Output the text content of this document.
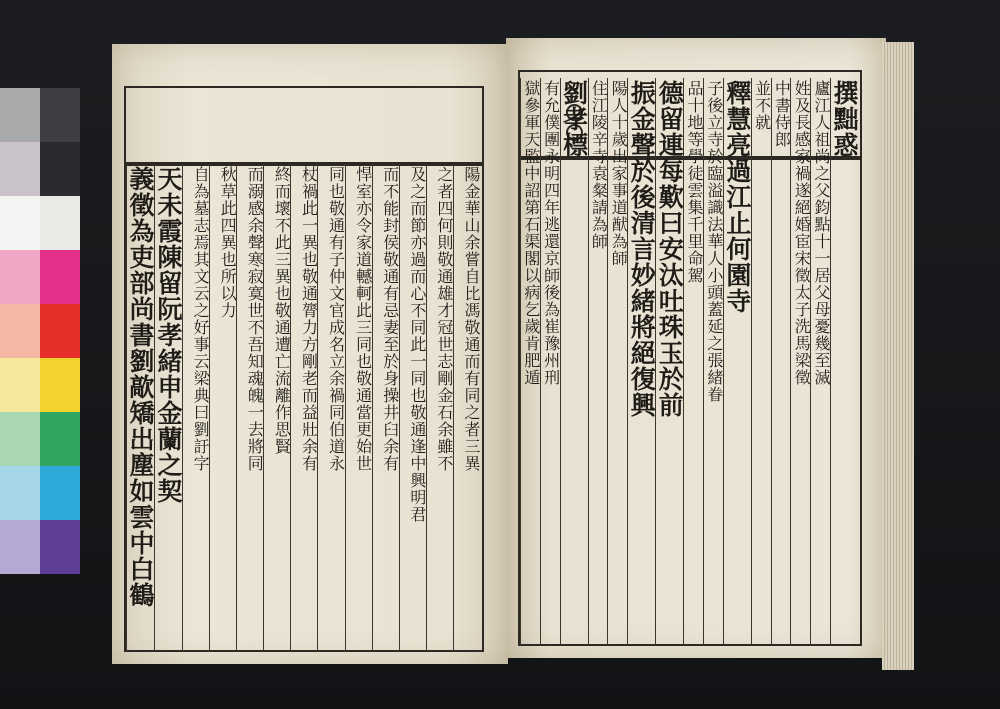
陽金華山余嘗自比馮敬通而有同之者三異
之者四何則敬通雄才冠世志剛金石余雖不
及之而節亦過而心不同此一同也敬通逢中興明君
而不能封侯敬通有忌妻至於身操井臼余有
悍室亦令家道轗軻此三同也敬通當更始世
同也敬通有子仲文官成名立余禍同伯道永
杖禍此一異也敬通膂力方剛老而益壯余有
終而壞不此三異也敬通遭亡流離作思賢
而溺感余聲寒寂寞世不吾知魂魄一去將同
秋草此四異也所以力
自為墓志焉其文云之好事云梁典曰劉訏字
天未霞陳留阮孝緒申金蘭之契
義徵為吏部尚書劉歊矯出塵如雲中白鶴
撰黜惑
廬江人祖尚之父鈞點十一居父母憂幾至滅
姓及長感家禍遂絕婚宦宋徵太子洗馬梁徵
中書侍郎
並不就
釋慧亮過江止何園寺
子後立寺於臨溢識法華人小頭蓋延之張緒眷
品十地等學徒雲集千里命駕
德留連每歎曰安汰吐珠玉於前
振金聲於後清言妙緒將絕復興
陽人十歲出家事道猷為師
住江陵辛寺袁粲請為師
劉孝標
有允僕團永明四年逃還京師後為崔豫州刑
獄參軍天監中詔第石渠閣以病乞歲肯肥遁
